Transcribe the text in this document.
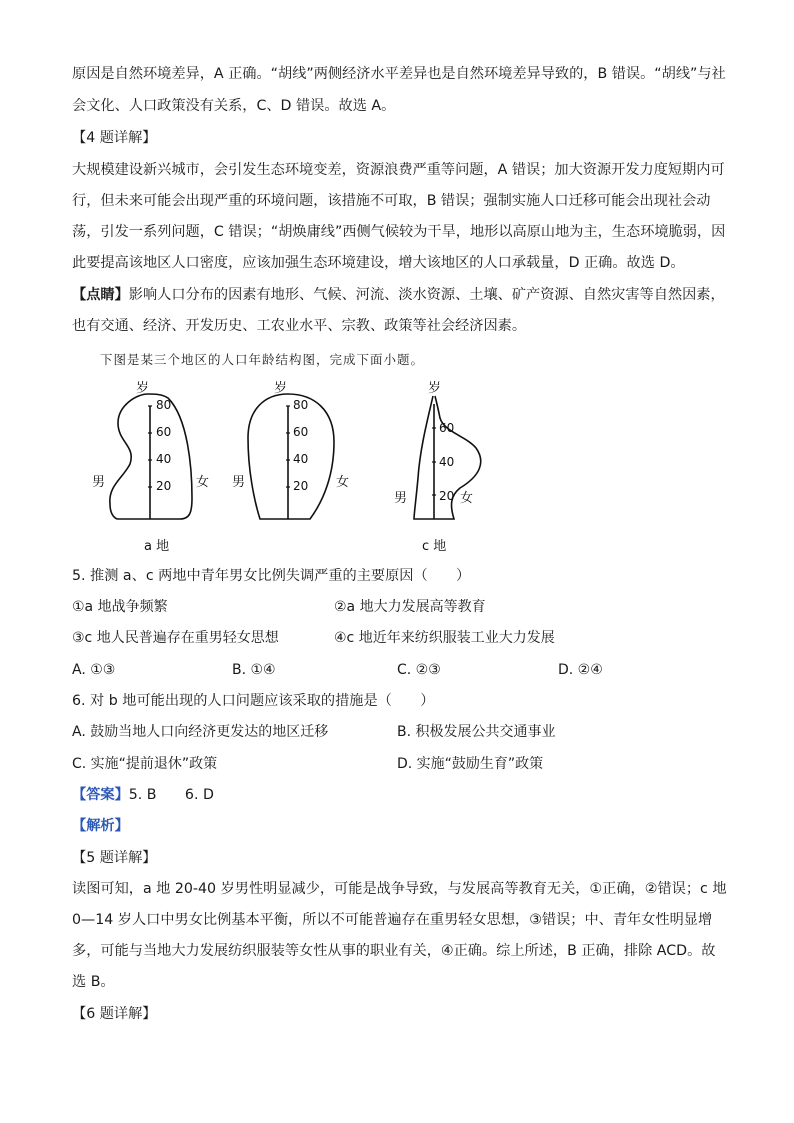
原因是自然环境差异，A 正确。“胡线”两侧经济水平差异也是自然环境差异导致的，B 错误。“胡线”与社
会文化、人口政策没有关系，C、D 错误。故选 A。
【4 题详解】
大规模建设新兴城市，会引发生态环境变差，资源浪费严重等问题，A 错误；加大资源开发力度短期内可
行，但未来可能会出现严重的环境问题，该措施不可取，B 错误；强制实施人口迁移可能会出现社会动
荡，引发一系列问题，C 错误；“胡焕庸线”西侧气候较为干旱，地形以高原山地为主，生态环境脆弱，因
此要提高该地区人口密度，应该加强生态环境建设，增大该地区的人口承载量，D 正确。故选 D。
【点睛】影响人口分布的因素有地形、气候、河流、淡水资源、土壤、矿产资源、自然灾害等自然因素，
也有交通、经济、开发历史、工农业水平、宗教、政策等社会经济因素。
下图是某三个地区的人口年龄结构图，完成下面小题。
岁
80
60
40
20
男	女
a 地
岁
80
60
40
20
男	女
岁
60
40
20
男	女
c 地
5. 推测 a、c 两地中青年男女比例失调严重的主要原因（　　）
①a 地战争频繁	②a 地大力发展高等教育
③c 地人民普遍存在重男轻女思想	④c 地近年来纺织服装工业大力发展
A. ①③	B. ①④	C. ②③	D. ②④
6. 对 b 地可能出现的人口问题应该采取的措施是（　　）
A. 鼓励当地人口向经济更发达的地区迁移	B. 积极发展公共交通事业
C. 实施“提前退休”政策	D. 实施“鼓励生育”政策
【答案】5. B　　6. D
【解析】
【5 题详解】
读图可知，a 地 20-40 岁男性明显减少，可能是战争导致，与发展高等教育无关，①正确，②错误；c 地
0—14 岁人口中男女比例基本平衡，所以不可能普遍存在重男轻女思想，③错误；中、青年女性明显增
多，可能与当地大力发展纺织服装等女性从事的职业有关，④正确。综上所述，B 正确，排除 ACD。故
选 B。
【6 题详解】
